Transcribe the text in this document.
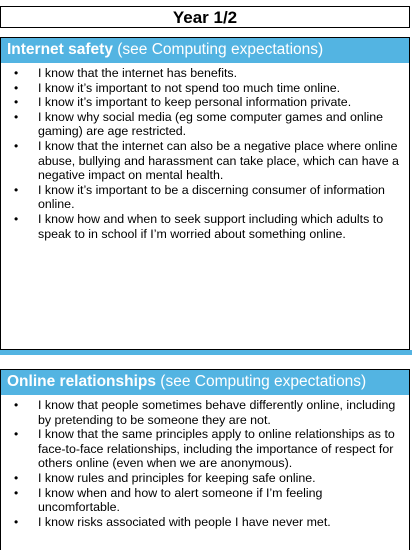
Year 1/2
Internet safety (see Computing expectations)
• I know that the internet has benefits.
• I know it’s important to not spend too much time online.
• I know it’s important to keep personal information private.
• I know why social media (eg some computer games and online gaming) are age restricted.
• I know that the internet can also be a negative place where online abuse, bullying and harassment can take place, which can have a negative impact on mental health.
• I know it’s important to be a discerning consumer of information online.
• I know how and when to seek support including which adults to speak to in school if I’m worried about something online.
Online relationships (see Computing expectations)
• I know that people sometimes behave differently online, including by pretending to be someone they are not.
• I know that the same principles apply to online relationships as to face-to-face relationships, including the importance of respect for others online (even when we are anonymous).
• I know rules and principles for keeping safe online.
• I know when and how to alert someone if I’m feeling uncomfortable.
• I know risks associated with people I have never met.
